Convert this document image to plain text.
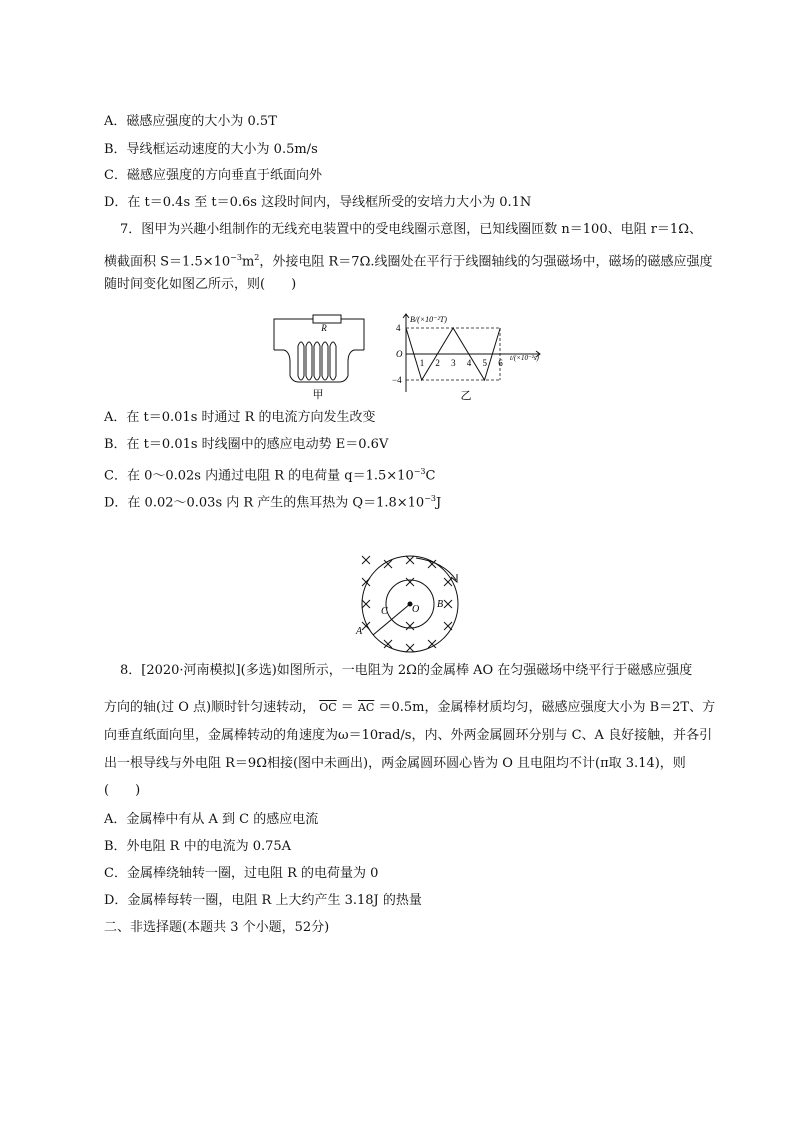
A．磁感应强度的大小为 0.5T
B．导线框运动速度的大小为 0.5m/s
C．磁感应强度的方向垂直于纸面向外
D．在 t＝0.4s 至 t＝0.6s 这段时间内，导线框所受的安培力大小为 0.1N
7．图甲为兴趣小组制作的无线充电装置中的受电线圈示意图，已知线圈匝数 n＝100、电阻 r＝1Ω、
横截面积 $S=1.5\times 10^{-3}m^2$，外接电阻 R＝7Ω.线圈处在平行于线圈轴线的匀强磁场中，磁场的磁感应强度
随时间变化如图乙所示，则(　　)
R
甲
B/(×10⁻²T)
t/(×10⁻²s)
4
−4
O
1 2 3 4 5 6
乙
A．在 t＝0.01s 时通过 R 的电流方向发生改变
B．在 t＝0.01s 时线圈中的感应电动势 E＝0.6V
C．在 0～0.02s 内通过电阻 R 的电荷量 $q=1.5\times 10^{-3}C$
D．在 0.02～0.03s 内 R 产生的焦耳热为 $Q=1.8\times 10^{-3}J$
C O B
A
8．[2020·河南模拟](多选)如图所示，一电阻为 2Ω的金属棒 AO 在匀强磁场中绕平行于磁感应强度
方向的轴(过 O 点)顺时针匀速转动， $\overline{OC} = \overline{AC} =0.5m$，金属棒材质均匀，磁感应强度大小为 B＝2T、方
向垂直纸面向里，金属棒转动的角速度为ω＝10rad/s，内、外两金属圆环分别与 C、A 良好接触，并各引
出一根导线与外电阻 R＝9Ω相接(图中未画出)，两金属圆环圆心皆为 O 且电阻均不计(π取 3.14)，则
(　　)
A．金属棒中有从 A 到 C 的感应电流
B．外电阻 R 中的电流为 0.75A
C．金属棒绕轴转一圈，过电阻 R 的电荷量为 0
D．金属棒每转一圈，电阻 R 上大约产生 3.18J 的热量
二、非选择题(本题共 3 个小题，52分)
